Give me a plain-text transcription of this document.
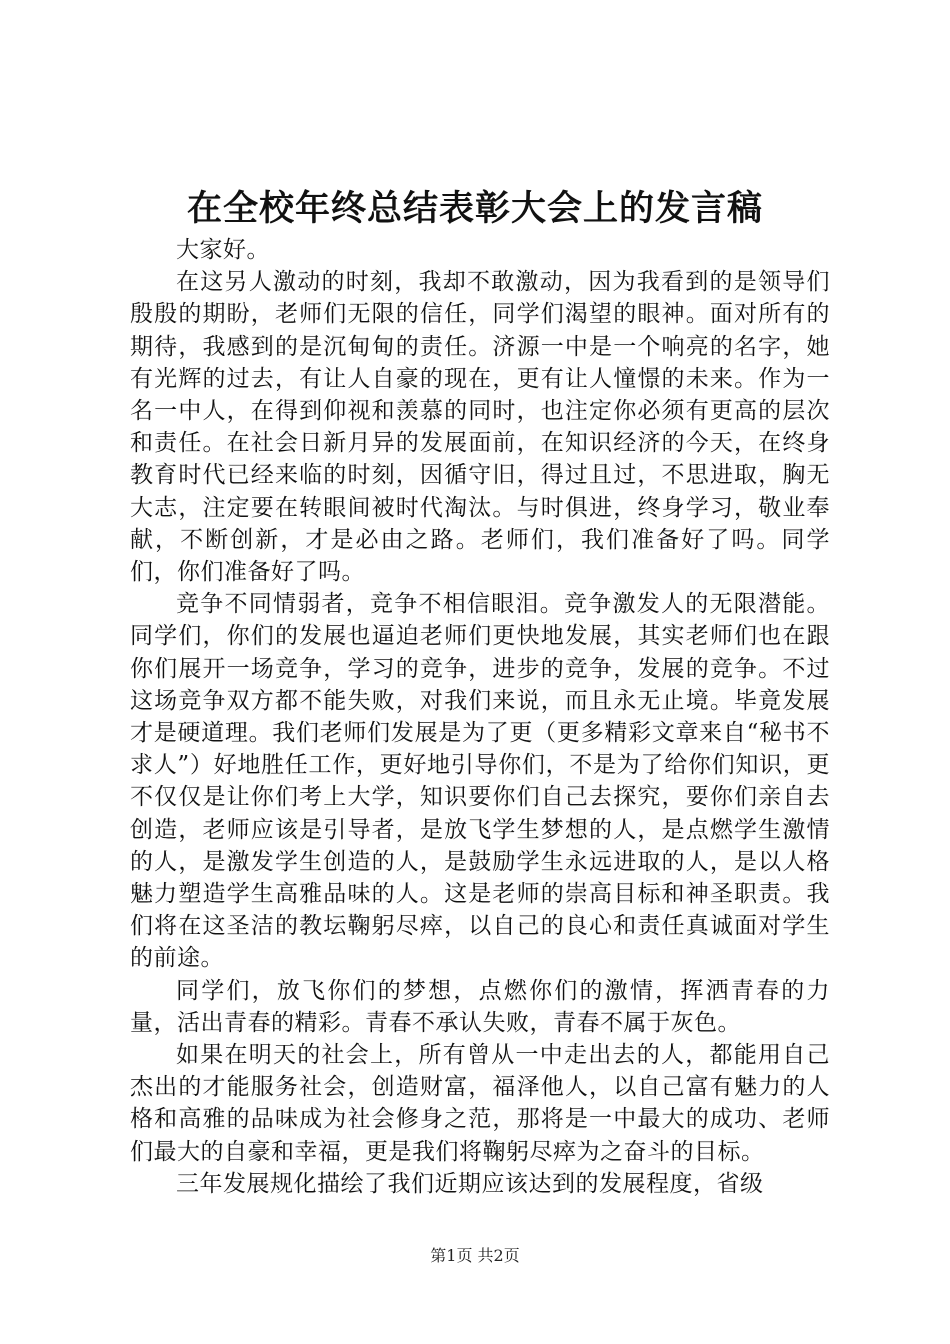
在全校年终总结表彰大会上的发言稿

大家好。

在这另人激动的时刻，我却不敢激动，因为我看到的是领导们殷殷的期盼，老师们无限的信任，同学们渴望的眼神。面对所有的期待，我感到的是沉甸甸的责任。济源一中是一个响亮的名字，她有光辉的过去，有让人自豪的现在，更有让人憧憬的未来。作为一名一中人，在得到仰视和羡慕的同时，也注定你必须有更高的层次和责任。在社会日新月异的发展面前，在知识经济的今天，在终身教育时代已经来临的时刻，因循守旧，得过且过，不思进取，胸无大志，注定要在转眼间被时代淘汰。与时俱进，终身学习，敬业奉献，不断创新，才是必由之路。老师们，我们准备好了吗。同学们，你们准备好了吗。

竞争不同情弱者，竞争不相信眼泪。竞争激发人的无限潜能。同学们，你们的发展也逼迫老师们更快地发展，其实老师们也在跟你们展开一场竞争，学习的竞争，进步的竞争，发展的竞争。不过这场竞争双方都不能失败，对我们来说，而且永无止境。毕竟发展才是硬道理。我们老师们发展是为了更（更多精彩文章来自“秘书不求人”）好地胜任工作，更好地引导你们，不是为了给你们知识，更不仅仅是让你们考上大学，知识要你们自己去探究，要你们亲自去创造，老师应该是引导者，是放飞学生梦想的人，是点燃学生激情的人，是激发学生创造的人，是鼓励学生永远进取的人，是以人格魅力塑造学生高雅品味的人。这是老师的崇高目标和神圣职责。我们将在这圣洁的教坛鞠躬尽瘁，以自己的良心和责任真诚面对学生的前途。

同学们，放飞你们的梦想，点燃你们的激情，挥洒青春的力量，活出青春的精彩。青春不承认失败，青春不属于灰色。

如果在明天的社会上，所有曾从一中走出去的人，都能用自己杰出的才能服务社会，创造财富，福泽他人，以自己富有魅力的人格和高雅的品味成为社会修身之范，那将是一中最大的成功、老师们最大的自豪和幸福，更是我们将鞠躬尽瘁为之奋斗的目标。

三年发展规化描绘了我们近期应该达到的发展程度，省级

第1页 共2页
